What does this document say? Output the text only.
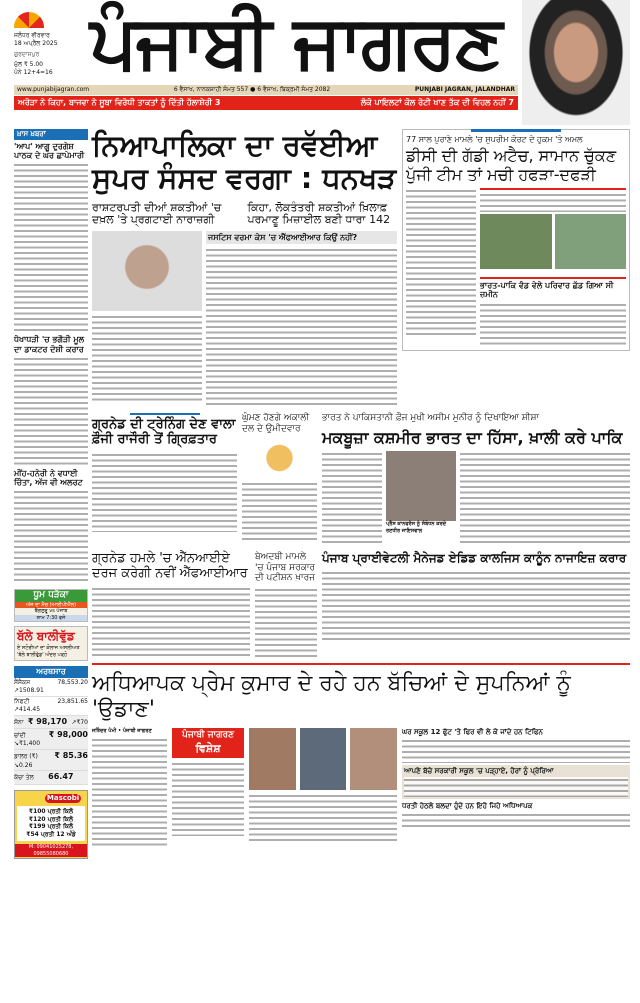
ਜਲੰਧਰ ਵੀਰਵਾਰ
18 ਅਪ੍ਰੈਲ 2025
ਗੁਰਦਾਸਪੁਰ
ਮੁੱਲ ₹ 5.00
ਪੰਨੇ 12+4=16 ਪੰਜਾਬੀ ਜਾਗਰਣ
www.punjabijagran.com	6 ਵੈਸਾਖ, ਨਾਨਕਸ਼ਾਹੀ ਸੰਮਤ 557 ● 6 ਵੈਸਾਖ, ਬਿਕ੍ਰਮੀ ਸੰਮਤ 2082	PUNJABI JAGRAN, JALANDHAR
ਅਰੋੜਾ ਨੇ ਕਿਹਾ, ਬਾਜਵਾ ਨੇ ਸੂਬਾ ਵਿਰੋਧੀ ਤਾਕਤਾਂ ਨੂੰ ਦਿੱਤੀ ਹੱਲਾਸ਼ੇਰੀ 3	ਲੋਕੋ ਪਾਇਲਟਾਂ ਕੋਲ ਰੋਟੀ ਖਾਣ ਤੱਕ ਦੀ ਵਿਹਲ ਨਹੀਂ 7
ਖ਼ਾਸ ਖ਼ਬਰਾਂ
'ਆਪ' ਆਗੂ ਦੁਰਗੇਸ਼ ਪਾਠਕ ਦੇ ਘਰ ਛਾਪੇਮਾਰੀ
ਧੋਖਾਧੜੀ 'ਚ ਭਗੌੜੀ ਮੂਲ ਦਾ ਡਾਕਟਰ ਦੋਸ਼ੀ ਕਰਾਰ
ਮੀਂਹ-ਹਨੇਰੀ ਨੇ ਵਧਾਈ ਚਿੰਤਾ, ਅੱਜ ਵੀ ਅਲਰਟ
ਧੂਮ ਧੜੱਕਾ
ਅੱਜ ਦਾ ਮੈਚ (ਆਈਪੀਐੱਲ)
ਬੈਂਗਲੁਰੂ vs ਪੰਜਾਬ
ਸ਼ਾਮ 7:30 ਵਜੇ
ਬੱਲੇ ਬਾਲੀਵੁੱਡ
ਏ ਸਟੋਰੀਆਂ ਦਾ ਕੋਲਾਜ ਅਸਲੀਅਤ 'ਬੱਲੇ ਬਾਲੀਵੁੱਡ' ਅੰਦਰ ਪੜ੍ਹੋ
ਅਰਥਸਾਰ
ਸੈਂਸੈਕਸ	78,553.20
↗1508.91
ਨਿਫਟੀ	23,851.65
↗414.45
ਸੋਨਾ ₹ 98,170 ↗₹70
ਚਾਂਦੀ	₹ 98,000
↘₹1,400
ਡਾਲਰ (₹) ₹ 85.36
↘0.26
ਕੱਚਾ ਤੇਲ 66.47
Mascobi
₹100 ਪ੍ਰਤੀ ਕਿਲੋ
₹120 ਪ੍ਰਤੀ ਕਿਲੋ
₹199 ਪ੍ਰਤੀ ਕਿਲੋ
₹54 ਪ੍ਰਤੀ 12 ਅੰਡੇ
M: 09041025278, 09855080680
ਨਿਆਪਾਲਿਕਾ ਦਾ ਰਵੱਈਆ ਸੁਪਰ ਸੰਸਦ ਵਰਗਾ : ਧਨਖੜ
ਰਾਸ਼ਟਰਪਤੀ ਦੀਆਂ ਸ਼ਕਤੀਆਂ 'ਚ ਦਖ਼ਲ 'ਤੇ ਪ੍ਰਗਟਾਈ ਨਾਰਾਜ਼ਗੀ
ਕਿਹਾ, ਲੋਕਤੰਤਰੀ ਸ਼ਕਤੀਆਂ ਖ਼ਿਲਾਫ਼ ਪਰਮਾਣੂ ਮਿਜ਼ਾਈਲ ਬਣੀ ਧਾਰਾ 142
ਜਸਟਿਸ ਵਰਮਾ ਕੇਸ 'ਚ ਐੱਫਆਈਆਰ ਕਿਉਂ ਨਹੀਂ?
77 ਸਾਲ ਪੁਰਾਣੇ ਮਾਮਲੇ 'ਚ ਸੁਪਰੀਮ ਕੋਰਟ ਦੇ ਹੁਕਮ 'ਤੇ ਅਮਲ
ਡੀਸੀ ਦੀ ਗੱਡੀ ਅਟੈਚ, ਸਾਮਾਨ ਚੁੱਕਣ ਪੁੱਜੀ ਟੀਮ ਤਾਂ ਮਚੀ ਹਫੜਾ-ਦਫੜੀ
ਭਾਰਤ-ਪਾਕਿ ਵੰਡ ਵੇਲੇ ਪਰਿਵਾਰ ਛੱਡ ਗਿਆ ਸੀ ਜ਼ਮੀਨ
ਗ੍ਰਨੇਡ ਦੀ ਟ੍ਰੇਨਿੰਗ ਦੇਣ ਵਾਲਾ ਫ਼ੌਜੀ ਰਾਜੌਰੀ ਤੋਂ ਗ੍ਰਿਫ਼ਤਾਰ
ਘੁੰਮਣ ਹੋਣਗੇ ਅਕਾਲੀ ਦਲ ਦੇ ਉਮੀਦਵਾਰ
ਭਾਰਤ ਨੇ ਪਾਕਿਸਤਾਨੀ ਫ਼ੌਜ ਮੁਖੀ ਅਸੀਮ ਮੁਨੀਰ ਨੂੰ ਦਿਖਾਇਆ ਸ਼ੀਸ਼ਾ
ਮਕਬੂਜ਼ਾ ਕਸ਼ਮੀਰ ਭਾਰਤ ਦਾ ਹਿੱਸਾ, ਖ਼ਾਲੀ ਕਰੇ ਪਾਕਿ
ਪ੍ਰੈੱਸ ਕਾਨਫਰੰਸ ਨੂੰ ਸੰਬੋਧਨ ਕਰਦੇ ਰਣਧੀਰ ਜਾਇਸਵਾਲ
ਗ੍ਰਨੇਡ ਹਮਲੇ 'ਚ ਐੱਨਆਈਏ ਦਰਜ ਕਰੇਗੀ ਨਵੀਂ ਐੱਫਆਈਆਰ
ਬੇਅਦਬੀ ਮਾਮਲੇ 'ਚ ਪੰਜਾਬ ਸਰਕਾਰ ਦੀ ਪਟੀਸ਼ਨ ਖ਼ਾਰਜ
ਪੰਜਾਬ ਪ੍ਰਾਈਵੇਟਲੀ ਮੈਨੇਜਡ ਏਡਿਡ ਕਾਲਜਿਸ ਕਾਨੂੰਨ ਨਾਜਾਇਜ਼ ਕਰਾਰ
ਅਧਿਆਪਕ ਪ੍ਰੇਮ ਕੁਮਾਰ ਦੇ ਰਹੇ ਹਨ ਬੱਚਿਆਂ ਦੇ ਸੁਪਨਿਆਂ ਨੂੰ 'ਉਡਾਣ'
ਜਤਿੰਦਰ ਪੰਮੀ • ਪੰਜਾਬੀ ਜਾਗਰਣ	ਪੰਜਾਬੀ ਜਾਗਰਣ
ਵਿਸ਼ੇਸ਼
ਘਰ ਸਕੂਲ 12 ਫੁੱਟ 'ਤੇ ਫਿਰ ਵੀ ਲੇ ਕੇ ਜਾਂਦੇ ਹਨ ਟਿਫਿਨ
ਆਪਣੇ ਬੱਚੇ ਸਰਕਾਰੀ ਸਕੂਲ 'ਚ ਪੜ੍ਹਾਏ, ਹੋਰਾਂ ਨੂੰ ਪ੍ਰੇਰਿਆ
ਧਰਤੀ ਹੇਠਲੇ ਬਲਦਾ ਹੁੰਦੇ ਹਨ ਇਹੋ ਜਿਹੇ ਅਧਿਆਪਕ
